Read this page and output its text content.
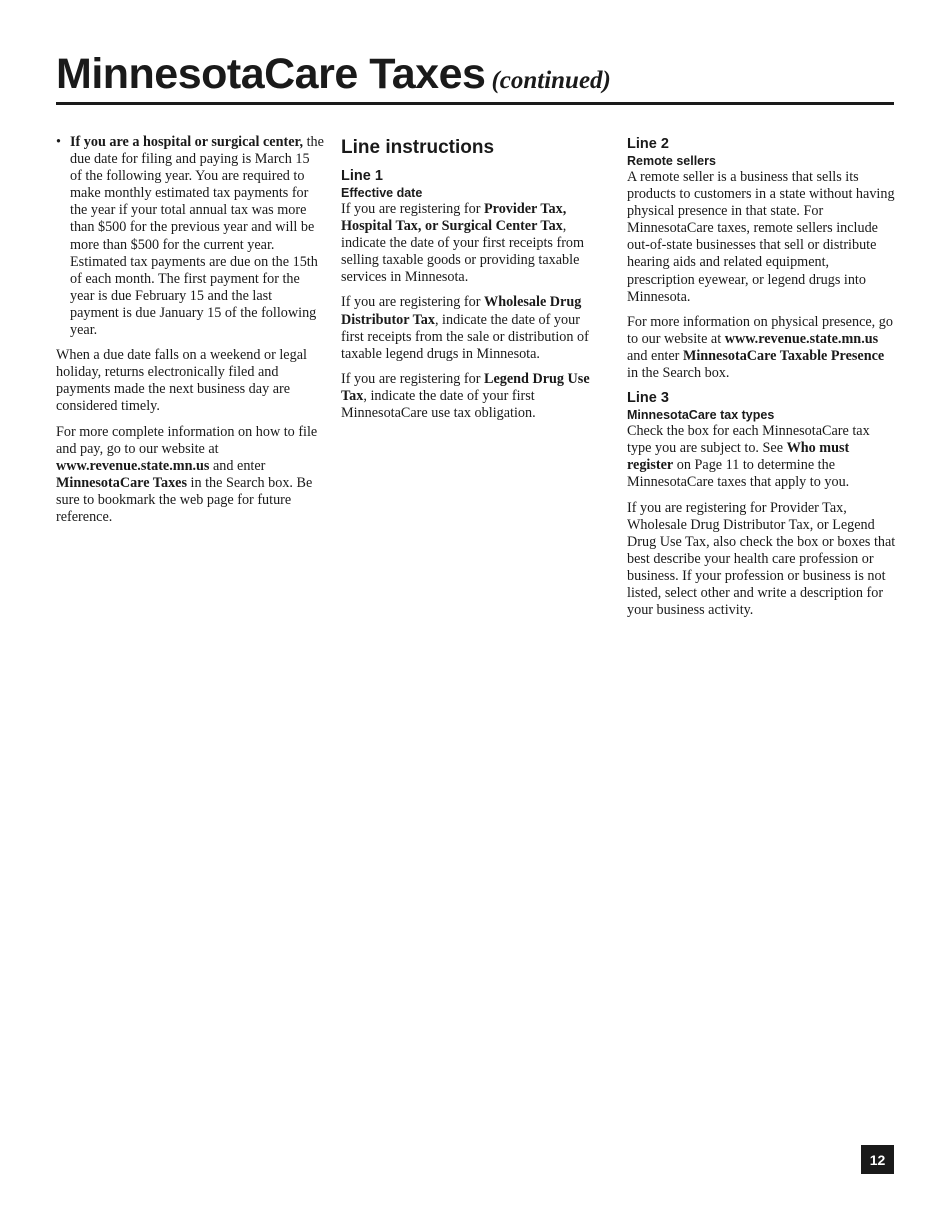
MinnesotaCare Taxes (continued)
• If you are a hospital or surgical center, the due date for filing and paying is March 15 of the following year. You are required to make monthly estimated tax payments for the year if your total annual tax was more than $500 for the previous year and will be more than $500 for the current year. Estimated tax payments are due on the 15th of each month. The first payment for the year is due February 15 and the last payment is due January 15 of the following year.

When a due date falls on a weekend or legal holiday, returns electronically filed and payments made the next business day are considered timely.

For more complete information on how to file and pay, go to our website at www.revenue.state.mn.us and enter MinnesotaCare Taxes in the Search box. Be sure to bookmark the web page for future reference.

Line instructions
Line 1
Effective date

If you are registering for Provider Tax, Hospital Tax, or Surgical Center Tax, indicate the date of your first receipts from selling taxable goods or providing taxable services in Minnesota.

If you are registering for Wholesale Drug Distributor Tax, indicate the date of your first receipts from the sale or distribution of taxable legend drugs in Minnesota.

If you are registering for Legend Drug Use Tax, indicate the date of your first MinnesotaCare use tax obligation.

Line 2
Remote sellers

A remote seller is a business that sells its products to customers in a state without having physical presence in that state. For MinnesotaCare taxes, remote sellers include out-of-state businesses that sell or distribute hearing aids and related equipment, prescription eyewear, or legend drugs into Minnesota.

For more information on physical presence, go to our website at www.revenue.state.mn.us and enter MinnesotaCare Taxable Presence in the Search box.

Line 3
MinnesotaCare tax types

Check the box for each MinnesotaCare tax type you are subject to. See Who must register on Page 11 to determine the MinnesotaCare taxes that apply to you.

If you are registering for Provider Tax, Wholesale Drug Distributor Tax, or Legend Drug Use Tax, also check the box or boxes that best describe your health care profession or business. If your profession or business is not listed, select other and write a description for your business activity.

12
